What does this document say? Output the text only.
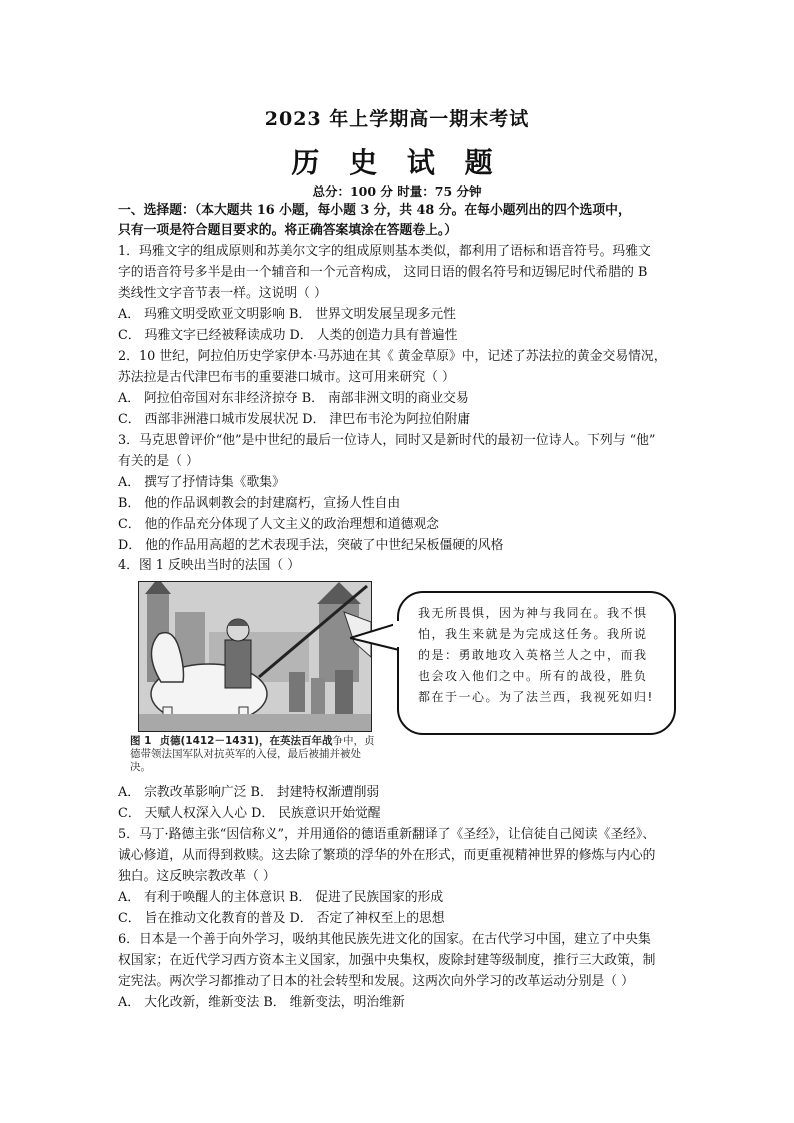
2023 年上学期高一期末考试
历 史 试 题
总分：100 分 时量：75 分钟
一、选择题：（本大题共 16 小题，每小题 3 分，共 48 分。在每小题列出的四个选项中，
只有一项是符合题目要求的。将正确答案填涂在答题卷上。）
1．玛雅文字的组成原则和苏美尔文字的组成原则基本类似，都利用了语标和语音符号。玛雅文
字的语音符号多半是由一个辅音和一个元音构成， 这同日语的假名符号和迈锡尼时代希腊的 B
类线性文字音节表一样。这说明（ ）
A． 玛雅文明受欧亚文明影响 B． 世界文明发展呈现多元性
C． 玛雅文字已经被释读成功 D． 人类的创造力具有普遍性
2．10 世纪，阿拉伯历史学家伊本·马苏迪在其《 黄金草原》中，记述了苏法拉的黄金交易情况，
苏法拉是古代津巴布韦的重要港口城市。这可用来研究（ ）
A． 阿拉伯帝国对东非经济掠夺 B． 南部非洲文明的商业交易
C． 西部非洲港口城市发展状况 D． 津巴布韦沦为阿拉伯附庸
3．马克思曾评价“他”是中世纪的最后一位诗人，同时又是新时代的最初一位诗人。下列与 “他”
有关的是（ ）
A． 撰写了抒情诗集《歌集》
B． 他的作品讽刺教会的封建腐朽，宣扬人性自由
C． 他的作品充分体现了人文主义的政治理想和道德观念
D． 他的作品用高超的艺术表现手法，突破了中世纪呆板僵硬的风格
4．图 1 反映出当时的法国（ ）
我无所畏惧，因为神与我同在。我不惧怕，我生来就是为完成这任务。我所说的是：勇敢地攻入英格兰人之中，而我也会攻入他们之中。所有的战役，胜负都在于一心。为了法兰西，我视死如归!
图 1 贞德(1412－1431)，在英法百年战争中，贞德带领法国军队对抗英军的入侵，最后被捕并被处决。
A． 宗教改革影响广泛 B． 封建特权渐遭削弱
C． 天赋人权深入人心 D． 民族意识开始觉醒
5．马丁·路德主张“因信称义”，并用通俗的德语重新翻译了《圣经》，让信徒自己阅读《圣经》、
诚心修道，从而得到救赎。这去除了繁琐的浮华的外在形式，而更重视精神世界的修炼与内心的
独白。这反映宗教改革（ ）
A． 有利于唤醒人的主体意识 B． 促进了民族国家的形成
C． 旨在推动文化教育的普及 D． 否定了神权至上的思想
6．日本是一个善于向外学习，吸纳其他民族先进文化的国家。在古代学习中国，建立了中央集
权国家；在近代学习西方资本主义国家，加强中央集权，废除封建等级制度，推行三大政策，制
定宪法。两次学习都推动了日本的社会转型和发展。这两次向外学习的改革运动分别是（ ）
A． 大化改新，维新变法 B． 维新变法，明治维新
